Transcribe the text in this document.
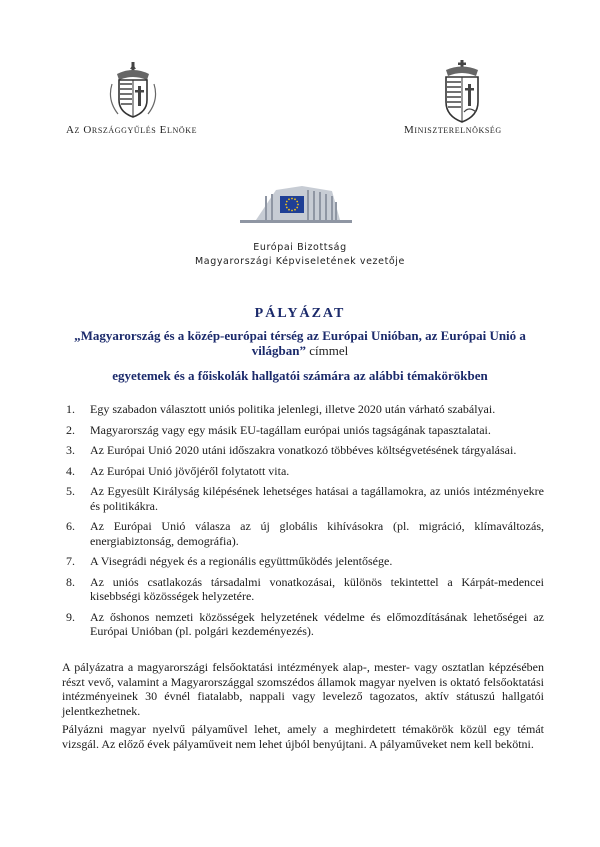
Az Országgyűlés Elnöke	Miniszterelnökség
Európai Bizottság
Magyarországi Képviseletének vezetője
PÁLYÁZAT
„Magyarország és a közép-európai térség az Európai Unióban, az Európai Unió a világban” címmel
egyetemek és a főiskolák hallgatói számára az alábbi témakörökben
1. Egy szabadon választott uniós politika jelenlegi, illetve 2020 után várható szabályai.
2. Magyarország vagy egy másik EU-tagállam európai uniós tagságának tapasztalatai.
3. Az Európai Unió 2020 utáni időszakra vonatkozó többéves költségvetésének tárgyalásai.
4. Az Európai Unió jövőjéről folytatott vita.
5. Az Egyesült Királyság kilépésének lehetséges hatásai a tagállamokra, az uniós intézményekre és politikákra.
6. Az Európai Unió válasza az új globális kihívásokra (pl. migráció, klímaváltozás, energiabiztonság, demográfia).
7. A Visegrádi négyek és a regionális együttműködés jelentősége.
8. Az uniós csatlakozás társadalmi vonatkozásai, különös tekintettel a Kárpát-medencei kisebbségi közösségek helyzetére.
9. Az őshonos nemzeti közösségek helyzetének védelme és előmozdításának lehetőségei az Európai Unióban (pl. polgári kezdeményezés).
A pályázatra a magyarországi felsőoktatási intézmények alap-, mester- vagy osztatlan képzésében részt vevő, valamint a Magyarországgal szomszédos államok magyar nyelven is oktató felsőoktatási intézményeinek 30 évnél fiatalabb, nappali vagy levelező tagozatos, aktív státuszú hallgatói jelentkezhetnek.
Pályázni magyar nyelvű pályaművel lehet, amely a meghirdetett témakörök közül egy témát vizsgál. Az előző évek pályaműveit nem lehet újból benyújtani. A pályaműveket nem kell bekötni.
